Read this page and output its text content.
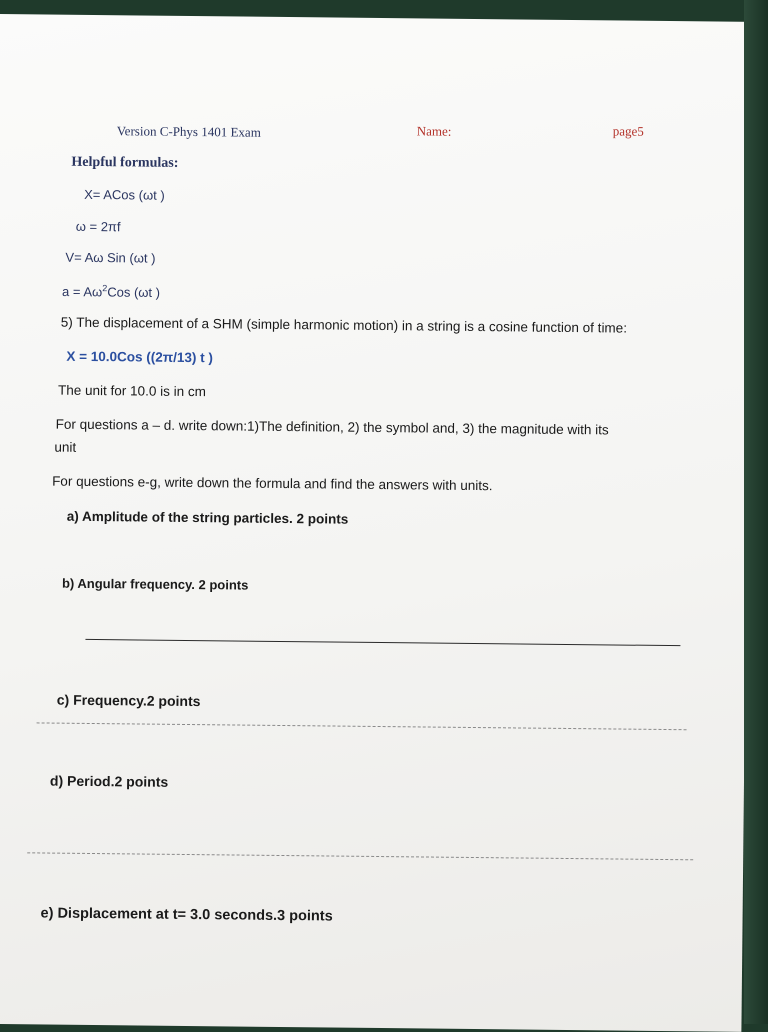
Version C-Phys 1401 Exam	Name:	page5
Helpful formulas:
X= ACos (ωt )
ω = 2πf
V= Aω Sin (ωt )
$a = A\omega^2Cos$ (ωt )
5) The displacement of a SHM (simple harmonic motion) in a string is a cosine function of time:
X = 10.0Cos ((2π/13) t )
The unit for 10.0 is in cm
For questions a – d. write down:1)The definition, 2) the symbol and, 3) the magnitude with its
unit
For questions e-g, write down the formula and find the answers with units.
a) Amplitude of the string particles. 2 points
b) Angular frequency. 2 points
c) Frequency.2 points
d) Period.2 points
e) Displacement at t= 3.0 seconds.3 points
